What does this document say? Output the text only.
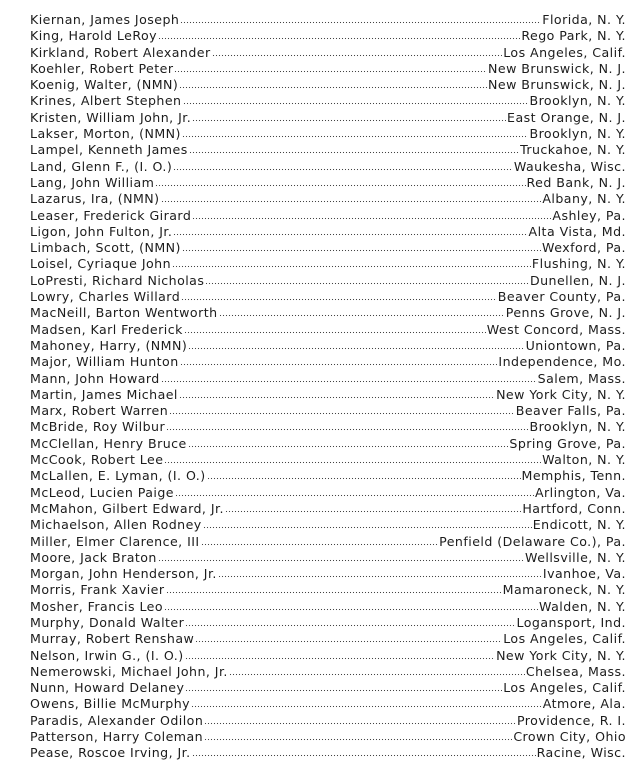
Kiernan, James Joseph	Florida, N. Y.
King, Harold LeRoy	Rego Park, N. Y.
Kirkland, Robert Alexander	Los Angeles, Calif.
Koehler, Robert Peter	New Brunswick, N. J.
Koenig, Walter, (NMN)	New Brunswick, N. J.
Krines, Albert Stephen	Brooklyn, N. Y.
Kristen, William John, Jr.	East Orange, N. J.
Lakser, Morton, (NMN)	Brooklyn, N. Y.
Lampel, Kenneth James	Truckahoe, N. Y.
Land, Glenn F., (I. O.)	Waukesha, Wisc.
Lang, John William	Red Bank, N. J.
Lazarus, Ira, (NMN)	Albany, N. Y.
Leaser, Frederick Girard	Ashley, Pa.
Ligon, John Fulton, Jr.	Alta Vista, Md.
Limbach, Scott, (NMN)	Wexford, Pa.
Loisel, Cyriaque John	Flushing, N. Y.
LoPresti, Richard Nicholas	Dunellen, N. J.
Lowry, Charles Willard	Beaver County, Pa.
MacNeill, Barton Wentworth	Penns Grove, N. J.
Madsen, Karl Frederick	West Concord, Mass.
Mahoney, Harry, (NMN)	Uniontown, Pa.
Major, William Hunton	Independence, Mo.
Mann, John Howard	Salem, Mass.
Martin, James Michael	New York City, N. Y.
Marx, Robert Warren	Beaver Falls, Pa.
McBride, Roy Wilbur	Brooklyn, N. Y.
McClellan, Henry Bruce	Spring Grove, Pa.
McCook, Robert Lee	Walton, N. Y.
McLallen, E. Lyman, (I. O.)	Memphis, Tenn.
McLeod, Lucien Paige	Arlington, Va.
McMahon, Gilbert Edward, Jr.	Hartford, Conn.
Michaelson, Allen Rodney	Endicott, N. Y.
Miller, Elmer Clarence, III	Penfield (Delaware Co.), Pa.
Moore, Jack Braton	Wellsville, N. Y.
Morgan, John Henderson, Jr.	Ivanhoe, Va.
Morris, Frank Xavier	Mamaroneck, N. Y.
Mosher, Francis Leo	Walden, N. Y.
Murphy, Donald Walter	Logansport, Ind.
Murray, Robert Renshaw	Los Angeles, Calif.
Nelson, Irwin G., (I. O.)	New York City, N. Y.
Nemerowski, Michael John, Jr.	Chelsea, Mass.
Nunn, Howard Delaney	Los Angeles, Calif.
Owens, Billie McMurphy	Atmore, Ala.
Paradis, Alexander Odilon	Providence, R. I.
Patterson, Harry Coleman	Crown City, Ohio
Pease, Roscoe Irving, Jr.	Racine, Wisc.
